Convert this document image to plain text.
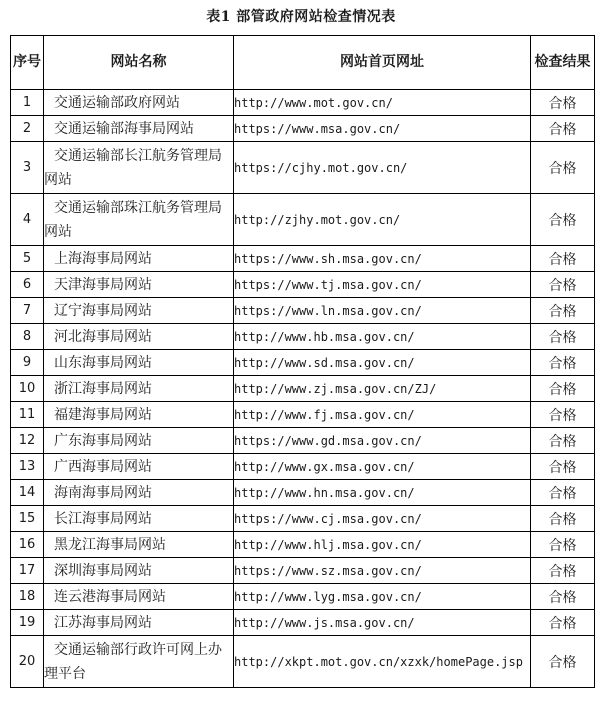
表1 部管政府网站检查情况表
序号	网站名称	网站首页网址	检查结果
1	交通运输部政府网站	http://www.mot.gov.cn/	合格
2	交通运输部海事局网站	https://www.msa.gov.cn/	合格
3	交通运输部长江航务管理局网站	https://cjhy.mot.gov.cn/	合格
4	交通运输部珠江航务管理局网站	http://zjhy.mot.gov.cn/	合格
5	上海海事局网站	https://www.sh.msa.gov.cn/	合格
6	天津海事局网站	https://www.tj.msa.gov.cn/	合格
7	辽宁海事局网站	https://www.ln.msa.gov.cn/	合格
8	河北海事局网站	http://www.hb.msa.gov.cn/	合格
9	山东海事局网站	http://www.sd.msa.gov.cn/	合格
10	浙江海事局网站	http://www.zj.msa.gov.cn/ZJ/	合格
11	福建海事局网站	http://www.fj.msa.gov.cn/	合格
12	广东海事局网站	https://www.gd.msa.gov.cn/	合格
13	广西海事局网站	http://www.gx.msa.gov.cn/	合格
14	海南海事局网站	http://www.hn.msa.gov.cn/	合格
15	长江海事局网站	https://www.cj.msa.gov.cn/	合格
16	黑龙江海事局网站	http://www.hlj.msa.gov.cn/	合格
17	深圳海事局网站	https://www.sz.msa.gov.cn/	合格
18	连云港海事局网站	http://www.lyg.msa.gov.cn/	合格
19	江苏海事局网站	http://www.js.msa.gov.cn/	合格
20	交通运输部行政许可网上办理平台	http://xkpt.mot.gov.cn/xzxk/homePage.jsp	合格
